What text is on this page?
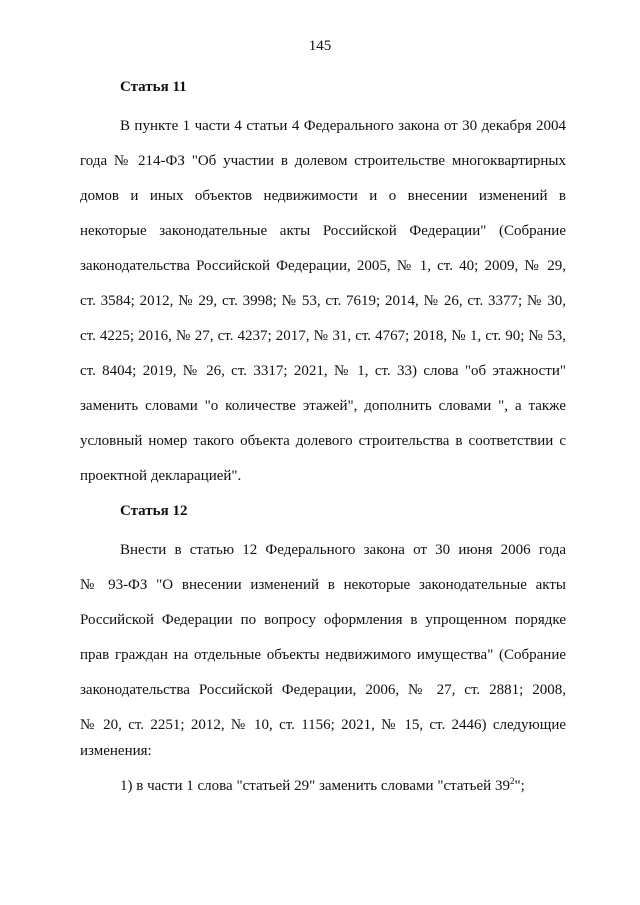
145
Статья 11
В пункте 1 части 4 статьи 4 Федерального закона от 30 декабря 2004
года № 214-ФЗ "Об участии в долевом строительстве многоквартирных
домов и иных объектов недвижимости и о внесении изменений в
некоторые законодательные акты Российской Федерации" (Собрание
законодательства Российской Федерации, 2005, № 1, ст. 40; 2009, № 29,
ст. 3584; 2012, № 29, ст. 3998; № 53, ст. 7619; 2014, № 26, ст. 3377; № 30,
ст. 4225; 2016, № 27, ст. 4237; 2017, № 31, ст. 4767; 2018, № 1, ст. 90; № 53,
ст. 8404; 2019, № 26, ст. 3317; 2021, № 1, ст. 33) слова "об этажности"
заменить словами "о количестве этажей", дополнить словами ", а также
условный номер такого объекта долевого строительства в соответствии с
проектной декларацией".
Статья 12
Внести в статью 12 Федерального закона от 30 июня 2006 года
№ 93-ФЗ "О внесении изменений в некоторые законодательные акты
Российской Федерации по вопросу оформления в упрощенном порядке
прав граждан на отдельные объекты недвижимого имущества" (Собрание
законодательства Российской Федерации, 2006, № 27, ст. 2881; 2008,
№ 20, ст. 2251; 2012, № 10, ст. 1156; 2021, № 15, ст. 2446) следующие
изменения:
1) в части 1 слова "статьей 29" заменить словами "статьей $39^2$";
